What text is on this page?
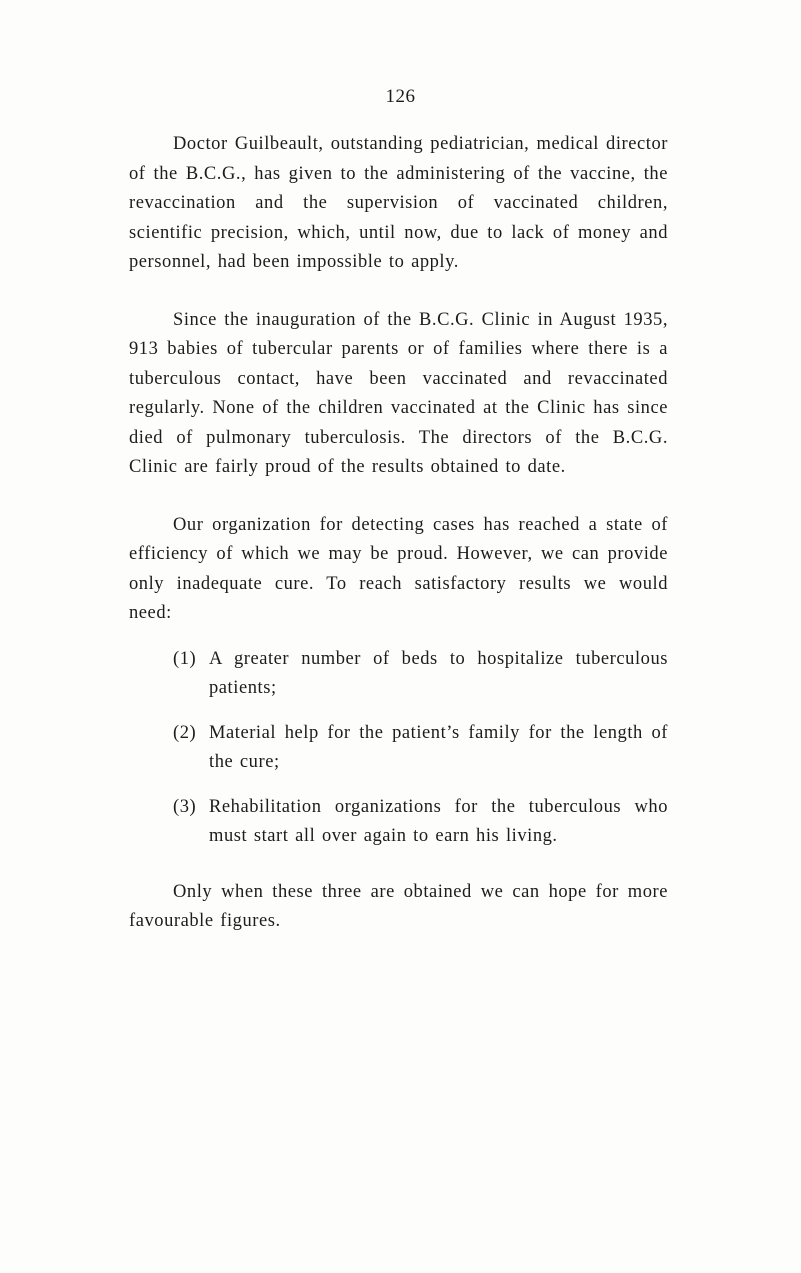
126

Doctor Guilbeault, outstanding pediatrician, medical director of the B.C.G., has given to the administering of the vaccine, the revaccination and the supervision of vaccinated children, scientific precision, which, until now, due to lack of money and personnel, had been impossible to apply.

Since the inauguration of the B.C.G. Clinic in August 1935, 913 babies of tubercular parents or of families where there is a tuberculous contact, have been vaccinated and revaccinated regularly. None of the children vaccinated at the Clinic has since died of pulmonary tuberculosis. The directors of the B.C.G. Clinic are fairly proud of the results obtained to date.

Our organization for detecting cases has reached a state of efficiency of which we may be proud. However, we can provide only inadequate cure. To reach satisfactory results we would need:

(1) A greater number of beds to hospitalize tuberculous patients;
(2) Material help for the patient’s family for the length of the cure;
(3) Rehabilitation organizations for the tuberculous who must start all over again to earn his living.

Only when these three are obtained we can hope for more favourable figures.
